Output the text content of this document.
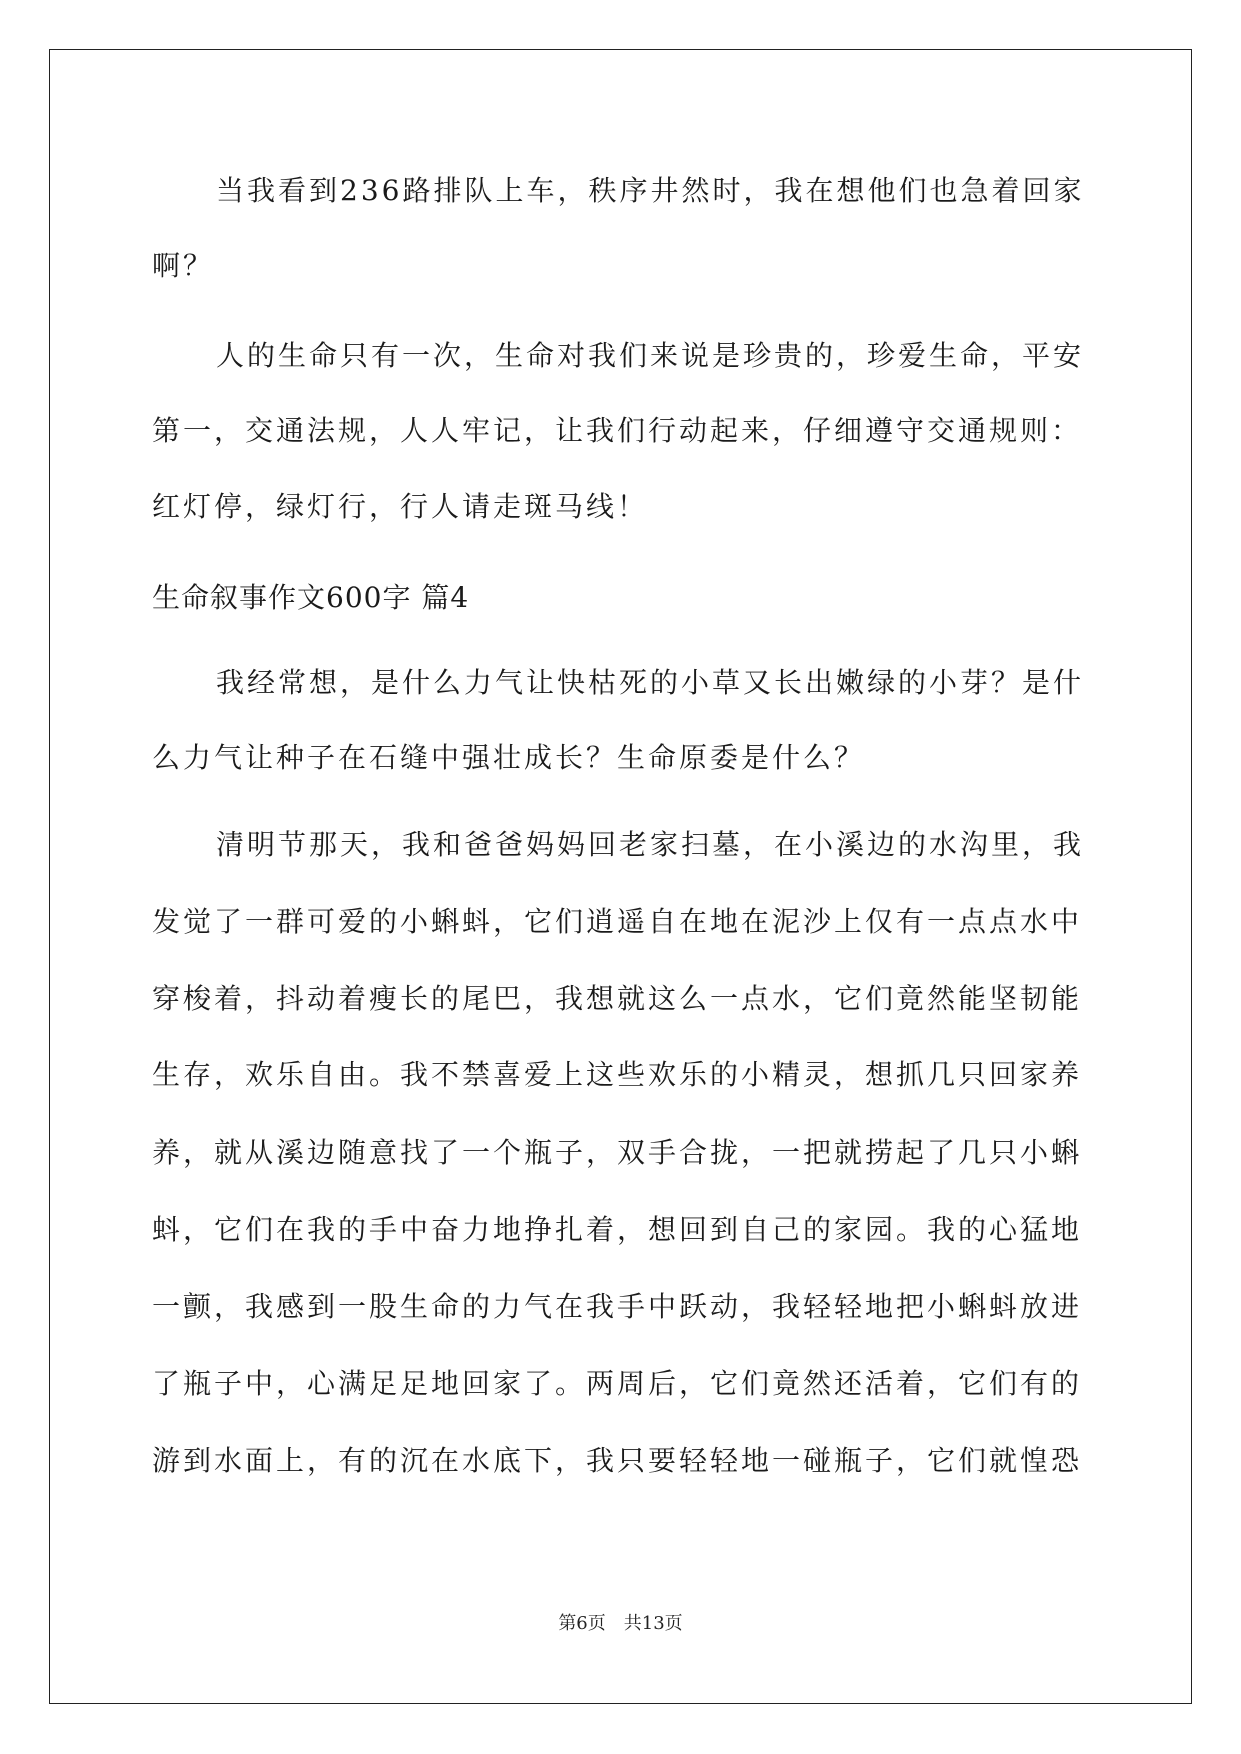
当我看到236路排队上车，秩序井然时，我在想他们也急着回家
啊？
人的生命只有一次，生命对我们来说是珍贵的，珍爱生命，平安
第一，交通法规，人人牢记，让我们行动起来，仔细遵守交通规则：
红灯停，绿灯行，行人请走斑马线！
生命叙事作文600字 篇4
我经常想，是什么力气让快枯死的小草又长出嫩绿的小芽？是什
么力气让种子在石缝中强壮成长？生命原委是什么？
清明节那天，我和爸爸妈妈回老家扫墓，在小溪边的水沟里，我
发觉了一群可爱的小蝌蚪，它们逍遥自在地在泥沙上仅有一点点水中
穿梭着，抖动着瘦长的尾巴，我想就这么一点水，它们竟然能坚韧能
生存，欢乐自由。我不禁喜爱上这些欢乐的小精灵，想抓几只回家养
养，就从溪边随意找了一个瓶子，双手合拢，一把就捞起了几只小蝌
蚪，它们在我的手中奋力地挣扎着，想回到自己的家园。我的心猛地
一颤，我感到一股生命的力气在我手中跃动，我轻轻地把小蝌蚪放进
了瓶子中，心满足足地回家了。两周后，它们竟然还活着，它们有的
游到水面上，有的沉在水底下，我只要轻轻地一碰瓶子，它们就惶恐
第6页 共13页
